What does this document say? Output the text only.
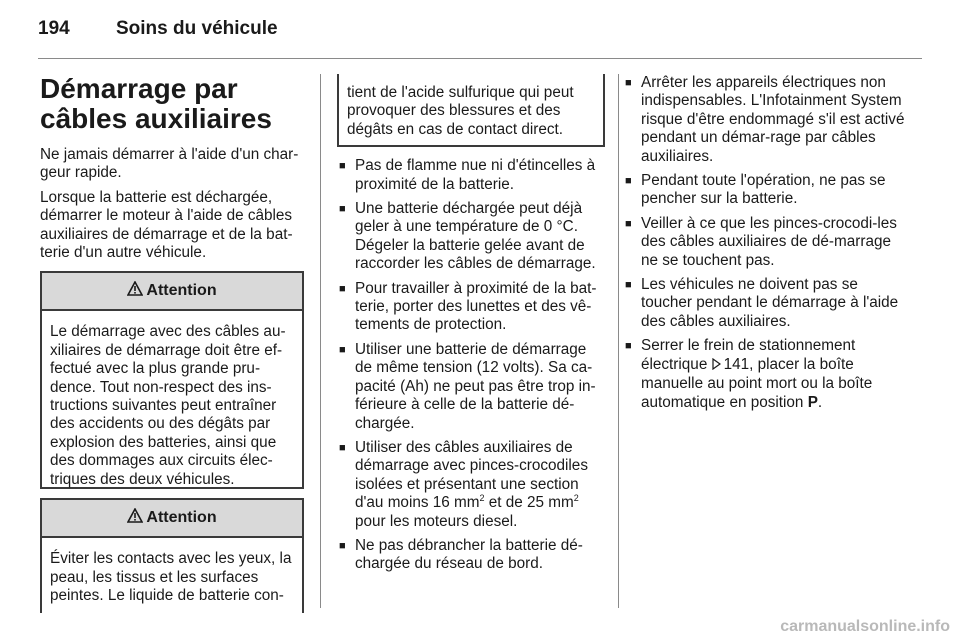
194 Soins du véhicule
Démarrage par câbles auxiliaires

Ne jamais démarrer à l'aide d'un char-geur rapide.

Lorsque la batterie est déchargée, démarrer le moteur à l'aide de câbles auxiliaires de démarrage et de la bat-terie d'un autre véhicule.

Attention
Le démarrage avec des câbles au-xiliaires de démarrage doit être ef-fectué avec la plus grande pru-dence. Tout non-respect des ins-tructions suivantes peut entraîner des accidents ou des dégâts par explosion des batteries, ainsi que des dommages aux circuits élec-triques des deux véhicules.
Attention
Éviter les contacts avec les yeux, la peau, les tissus et les surfaces peintes. Le liquide de batterie con-
tient de l'acide sulfurique qui peut provoquer des blessures et des dégâts en cas de contact direct.
■ Pas de flamme nue ni d'étincelles à proximité de la batterie.
■ Une batterie déchargée peut déjà geler à une température de 0 °C. Dégeler la batterie gelée avant de raccorder les câbles de démarrage.
■ Pour travailler à proximité de la bat-terie, porter des lunettes et des vê-tements de protection.
■ Utiliser une batterie de démarrage de même tension (12 volts). Sa ca-pacité (Ah) ne peut pas être trop in-férieure à celle de la batterie dé-chargée.
■ Utiliser des câbles auxiliaires de démarrage avec pinces-crocodiles isolées et présentant une section d'au moins 16 $mm^2$ et de 25 $mm^2$ pour les moteurs diesel.
■ Ne pas débrancher la batterie dé-chargée du réseau de bord.
■ Arrêter les appareils électriques non indispensables. L'Infotainment System risque d'être endommagé s'il est activé pendant un démar-rage par câbles auxiliaires.
■ Pendant toute l'opération, ne pas se pencher sur la batterie.
■ Veiller à ce que les pinces-crocodi-les des câbles auxiliaires de dé-marrage ne se touchent pas.
■ Les véhicules ne doivent pas se toucher pendant le démarrage à l'aide des câbles auxiliaires.
■ Serrer le frein de stationnement électrique 141, placer la boîte manuelle au point mort ou la boîte automatique en position P.
carmanualsonline.info
